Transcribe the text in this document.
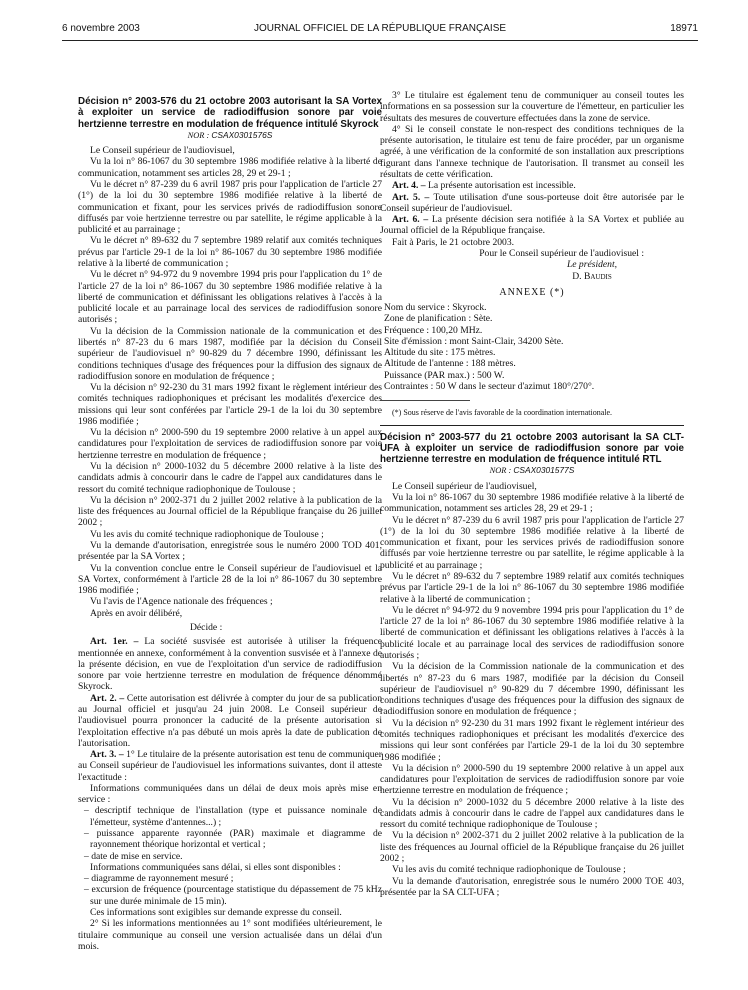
6 novembre 2003	JOURNAL OFFICIEL DE LA RÉPUBLIQUE FRANÇAISE	18971

Décision n° 2003-576 du 21 octobre 2003 autorisant la SA Vortex à exploiter un service de radiodiffusion sonore par voie hertzienne terrestre en modulation de fréquence intitulé Skyrock

NOR : CSAX0301576S

Le Conseil supérieur de l'audiovisuel,

Vu la loi n° 86-1067 du 30 septembre 1986 modifiée relative à la liberté de communication, notamment ses articles 28, 29 et 29-1 ;

Vu le décret n° 87-239 du 6 avril 1987 pris pour l'application de l'article 27 (1°) de la loi du 30 septembre 1986 modifiée relative à la liberté de communication et fixant, pour les services privés de radiodiffusion sonore diffusés par voie hertzienne terrestre ou par satellite, le régime applicable à la publicité et au parrainage ;

Vu le décret n° 89-632 du 7 septembre 1989 relatif aux comités techniques prévus par l'article 29-1 de la loi n° 86-1067 du 30 septembre 1986 modifiée relative à la liberté de communication ;

Vu le décret n° 94-972 du 9 novembre 1994 pris pour l'application du 1° de l'article 27 de la loi n° 86-1067 du 30 septembre 1986 modifiée relative à la liberté de communication et définissant les obligations relatives à l'accès à la publicité locale et au parrainage local des services de radiodiffusion sonore autorisés ;

Vu la décision de la Commission nationale de la communication et des libertés n° 87-23 du 6 mars 1987, modifiée par la décision du Conseil supérieur de l'audiovisuel n° 90-829 du 7 décembre 1990, définissant les conditions techniques d'usage des fréquences pour la diffusion des signaux de radiodiffusion sonore en modulation de fréquence ;

Vu la décision n° 92-230 du 31 mars 1992 fixant le règlement intérieur des comités techniques radiophoniques et précisant les modalités d'exercice des missions qui leur sont conférées par l'article 29-1 de la loi du 30 septembre 1986 modifiée ;

Vu la décision n° 2000-590 du 19 septembre 2000 relative à un appel aux candidatures pour l'exploitation de services de radiodiffusion sonore par voie hertzienne terrestre en modulation de fréquence ;

Vu la décision n° 2000-1032 du 5 décembre 2000 relative à la liste des candidats admis à concourir dans le cadre de l'appel aux candidatures dans le ressort du comité technique radiophonique de Toulouse ;

Vu la décision n° 2002-371 du 2 juillet 2002 relative à la publication de la liste des fréquences au Journal officiel de la République française du 26 juillet 2002 ;

Vu les avis du comité technique radiophonique de Toulouse ;

Vu la demande d'autorisation, enregistrée sous le numéro 2000 TOD 401, présentée par la SA Vortex ;

Vu la convention conclue entre le Conseil supérieur de l'audiovisuel et la SA Vortex, conformément à l'article 28 de la loi n° 86-1067 du 30 septembre 1986 modifiée ;

Vu l'avis de l'Agence nationale des fréquences ;

Après en avoir délibéré,

Décide :

Art. 1er. – La société susvisée est autorisée à utiliser la fréquence mentionnée en annexe, conformément à la convention susvisée et à l'annexe de la présente décision, en vue de l'exploitation d'un service de radiodiffusion sonore par voie hertzienne terrestre en modulation de fréquence dénommé Skyrock.

Art. 2. – Cette autorisation est délivrée à compter du jour de sa publication au Journal officiel et jusqu'au 24 juin 2008. Le Conseil supérieur de l'audiovisuel pourra prononcer la caducité de la présente autorisation si l'exploitation effective n'a pas débuté un mois après la date de publication de l'autorisation.

Art. 3. – 1° Le titulaire de la présente autorisation est tenu de communiquer au Conseil supérieur de l'audiovisuel les informations suivantes, dont il atteste l'exactitude :

Informations communiquées dans un délai de deux mois après mise en service :

– descriptif technique de l'installation (type et puissance nominale de l'émetteur, système d'antennes...) ;

– puissance apparente rayonnée (PAR) maximale et diagramme de rayonnement théorique horizontal et vertical ;

– date de mise en service.

Informations communiquées sans délai, si elles sont disponibles :

– diagramme de rayonnement mesuré ;

– excursion de fréquence (pourcentage statistique du dépassement de 75 kHz sur une durée minimale de 15 min).

Ces informations sont exigibles sur demande expresse du conseil.

2° Si les informations mentionnées au 1° sont modifiées ultérieurement, le titulaire communique au conseil une version actualisée dans un délai d'un mois.

3° Le titulaire est également tenu de communiquer au conseil toutes les informations en sa possession sur la couverture de l'émetteur, en particulier les résultats des mesures de couverture effectuées dans la zone de service.

4° Si le conseil constate le non-respect des conditions techniques de la présente autorisation, le titulaire est tenu de faire procéder, par un organisme agréé, à une vérification de la conformité de son installation aux prescriptions figurant dans l'annexe technique de l'autorisation. Il transmet au conseil les résultats de cette vérification.

Art. 4. – La présente autorisation est incessible.

Art. 5. – Toute utilisation d'une sous-porteuse doit être autorisée par le Conseil supérieur de l'audiovisuel.

Art. 6. – La présente décision sera notifiée à la SA Vortex et publiée au Journal officiel de la République française.

Fait à Paris, le 21 octobre 2003.

Pour le Conseil supérieur de l'audiovisuel :

Le président,

D. Baudis

ANNEXE (*)

Nom du service : Skyrock.

Zone de planification : Sète.

Fréquence : 100,20 MHz.

Site d'émission : mont Saint-Clair, 34200 Sète.

Altitude du site : 175 mètres.

Altitude de l'antenne : 188 mètres.

Puissance (PAR max.) : 500 W.

Contraintes : 50 W dans le secteur d'azimut 180°/270°.

(*) Sous réserve de l'avis favorable de la coordination internationale.

Décision n° 2003-577 du 21 octobre 2003 autorisant la SA CLT-UFA à exploiter un service de radiodiffusion sonore par voie hertzienne terrestre en modulation de fréquence intitulé RTL

NOR : CSAX0301577S

Le Conseil supérieur de l'audiovisuel,

Vu la loi n° 86-1067 du 30 septembre 1986 modifiée relative à la liberté de communication, notamment ses articles 28, 29 et 29-1 ;

Vu le décret n° 87-239 du 6 avril 1987 pris pour l'application de l'article 27 (1°) de la loi du 30 septembre 1986 modifiée relative à la liberté de communication et fixant, pour les services privés de radiodiffusion sonore diffusés par voie hertzienne terrestre ou par satellite, le régime applicable à la publicité et au parrainage ;

Vu le décret n° 89-632 du 7 septembre 1989 relatif aux comités techniques prévus par l'article 29-1 de la loi n° 86-1067 du 30 septembre 1986 modifiée relative à la liberté de communication ;

Vu le décret n° 94-972 du 9 novembre 1994 pris pour l'application du 1° de l'article 27 de la loi n° 86-1067 du 30 septembre 1986 modifiée relative à la liberté de communication et définissant les obligations relatives à l'accès à la publicité locale et au parrainage local des services de radiodiffusion sonore autorisés ;

Vu la décision de la Commission nationale de la communication et des libertés n° 87-23 du 6 mars 1987, modifiée par la décision du Conseil supérieur de l'audiovisuel n° 90-829 du 7 décembre 1990, définissant les conditions techniques d'usage des fréquences pour la diffusion des signaux de radiodiffusion sonore en modulation de fréquence ;

Vu la décision n° 92-230 du 31 mars 1992 fixant le règlement intérieur des comités techniques radiophoniques et précisant les modalités d'exercice des missions qui leur sont conférées par l'article 29-1 de la loi du 30 septembre 1986 modifiée ;

Vu la décision n° 2000-590 du 19 septembre 2000 relative à un appel aux candidatures pour l'exploitation de services de radiodiffusion sonore par voie hertzienne terrestre en modulation de fréquence ;

Vu la décision n° 2000-1032 du 5 décembre 2000 relative à la liste des candidats admis à concourir dans le cadre de l'appel aux candidatures dans le ressort du comité technique radiophonique de Toulouse ;

Vu la décision n° 2002-371 du 2 juillet 2002 relative à la publication de la liste des fréquences au Journal officiel de la République française du 26 juillet 2002 ;

Vu les avis du comité technique radiophonique de Toulouse ;

Vu la demande d'autorisation, enregistrée sous le numéro 2000 TOE 403, présentée par la SA CLT-UFA ;
